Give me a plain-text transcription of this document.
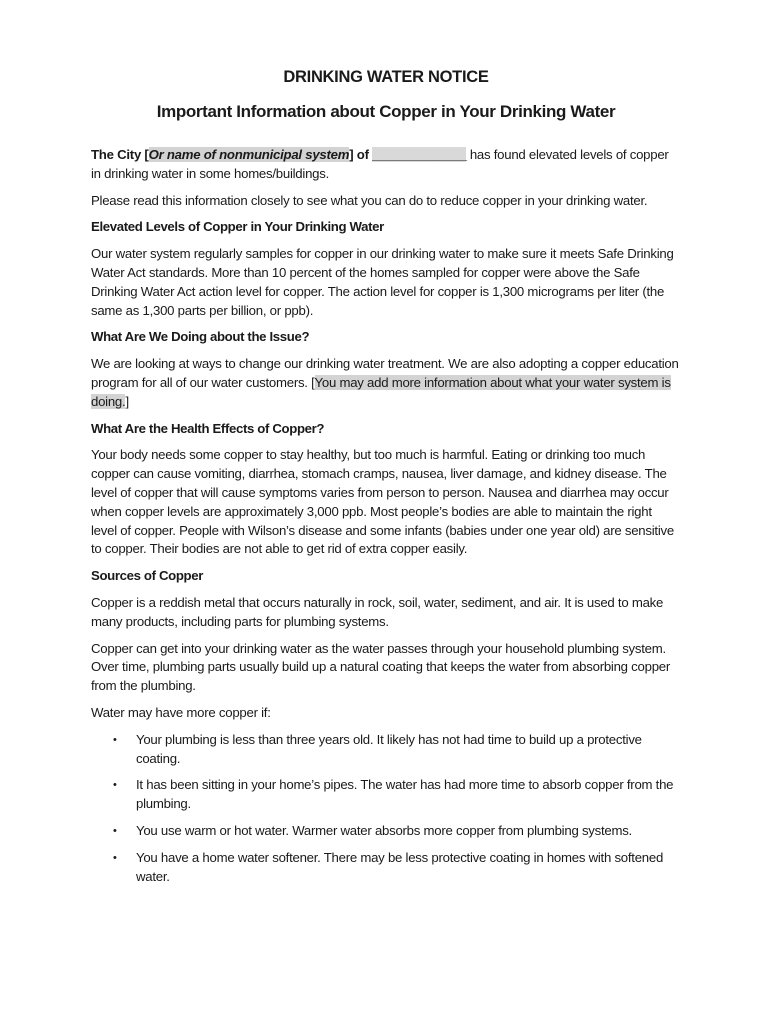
DRINKING WATER NOTICE
Important Information about Copper in Your Drinking Water

The City [Or name of nonmunicipal system] of ______________ has found elevated levels of copper in drinking water in some homes/buildings.

Please read this information closely to see what you can do to reduce copper in your drinking water.

Elevated Levels of Copper in Your Drinking Water

Our water system regularly samples for copper in our drinking water to make sure it meets Safe Drinking Water Act standards. More than 10 percent of the homes sampled for copper were above the Safe Drinking Water Act action level for copper. The action level for copper is 1,300 micrograms per liter (the same as 1,300 parts per billion, or ppb).

What Are We Doing about the Issue?

We are looking at ways to change our drinking water treatment. We are also adopting a copper education program for all of our water customers. [You may add more information about what your water system is doing.]

What Are the Health Effects of Copper?

Your body needs some copper to stay healthy, but too much is harmful. Eating or drinking too much copper can cause vomiting, diarrhea, stomach cramps, nausea, liver damage, and kidney disease. The level of copper that will cause symptoms varies from person to person. Nausea and diarrhea may occur when copper levels are approximately 3,000 ppb. Most people’s bodies are able to maintain the right level of copper. People with Wilson’s disease and some infants (babies under one year old) are sensitive to copper. Their bodies are not able to get rid of extra copper easily.

Sources of Copper

Copper is a reddish metal that occurs naturally in rock, soil, water, sediment, and air. It is used to make many products, including parts for plumbing systems.

Copper can get into your drinking water as the water passes through your household plumbing system. Over time, plumbing parts usually build up a natural coating that keeps the water from absorbing copper from the plumbing.

Water may have more copper if:

• Your plumbing is less than three years old. It likely has not had time to build up a protective coating.
• It has been sitting in your home’s pipes. The water has had more time to absorb copper from the plumbing.
• You use warm or hot water. Warmer water absorbs more copper from plumbing systems.
• You have a home water softener. There may be less protective coating in homes with softened water.
